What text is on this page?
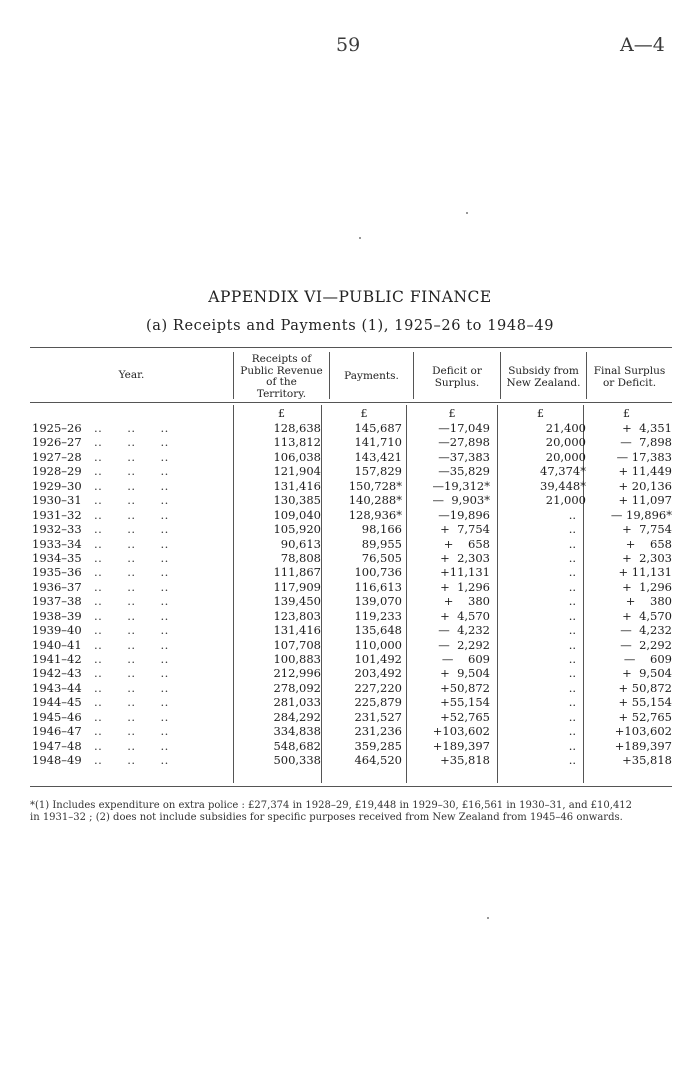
59	A—4
APPENDIX VI—PUBLIC FINANCE
(a) Receipts and Payments (1), 1925–26 to 1948–49
Year.
Receipts of
Public Revenue
of the
Territory.
Payments.	Deficit or
Surplus.
Subsidy from
New Zealand.
Final Surplus
or Deficit.
£	£	£	£	£
1925–26 ..      ..      ..	128,638	145,687	—17,049	21,400	+  4,351
1926–27 ..      ..      ..	113,812	141,710	—27,898	20,000	—  7,898
1927–28 ..      ..      ..	106,038	143,421	—37,383	20,000	— 17,383
1928–29 ..      ..      ..	121,904	157,829	—35,829	47,374*	+ 11,449
1929–30 ..      ..      ..	131,416 150,728*	—19,312*	39,448*	+ 20,136
1930–31 ..      ..      ..	130,385 140,288*	—  9,903*	21,000	+ 11,097
1931–32 ..      ..      ..	109,040 128,936*	—19,896	..	— 19,896*
1932–33 ..      ..      ..	105,920	98,166	+  7,754	..	+  7,754
1933–34 ..      ..      ..	90,613	89,955	+    658	..	+    658
1934–35 ..      ..      ..	78,808	76,505	+  2,303	..	+  2,303
1935–36 ..      ..      ..	111,867	100,736	+11,131	..	+ 11,131
1936–37 ..      ..      ..	117,909	116,613	+  1,296	..	+  1,296
1937–38 ..      ..      ..	139,450	139,070	+    380	..	+    380
1938–39 ..      ..      ..	123,803	119,233	+  4,570	..	+  4,570
1939–40 ..      ..      ..	131,416	135,648	—  4,232	..	—  4,232
1940–41 ..      ..      ..	107,708	110,000	—  2,292	..	—  2,292
1941–42 ..      ..      ..	100,883	101,492	—    609	..	—    609
1942–43 ..      ..      ..	212,996	203,492	+  9,504	..	+  9,504
1943–44 ..      ..      ..	278,092	227,220	+50,872	..	+ 50,872
1944–45 ..      ..      ..	281,033	225,879	+55,154	..	+ 55,154
1945–46 ..      ..      ..	284,292	231,527	+52,765	..	+ 52,765
1946–47 ..      ..      ..	334,838	231,236	+103,602	..	+103,602
1947–48 ..      ..      ..	548,682	359,285	+189,397	..	+189,397
1948–49 ..      ..      ..	500,338	464,520	+35,818	..	+35,818
*(1) Includes expenditure on extra police : £27,374 in 1928–29, £19,448 in 1929–30, £16,561 in 1930–31, and £10,412
in 1931–32 ; (2) does not include subsidies for specific purposes received from New Zealand from 1945–46 onwards.
